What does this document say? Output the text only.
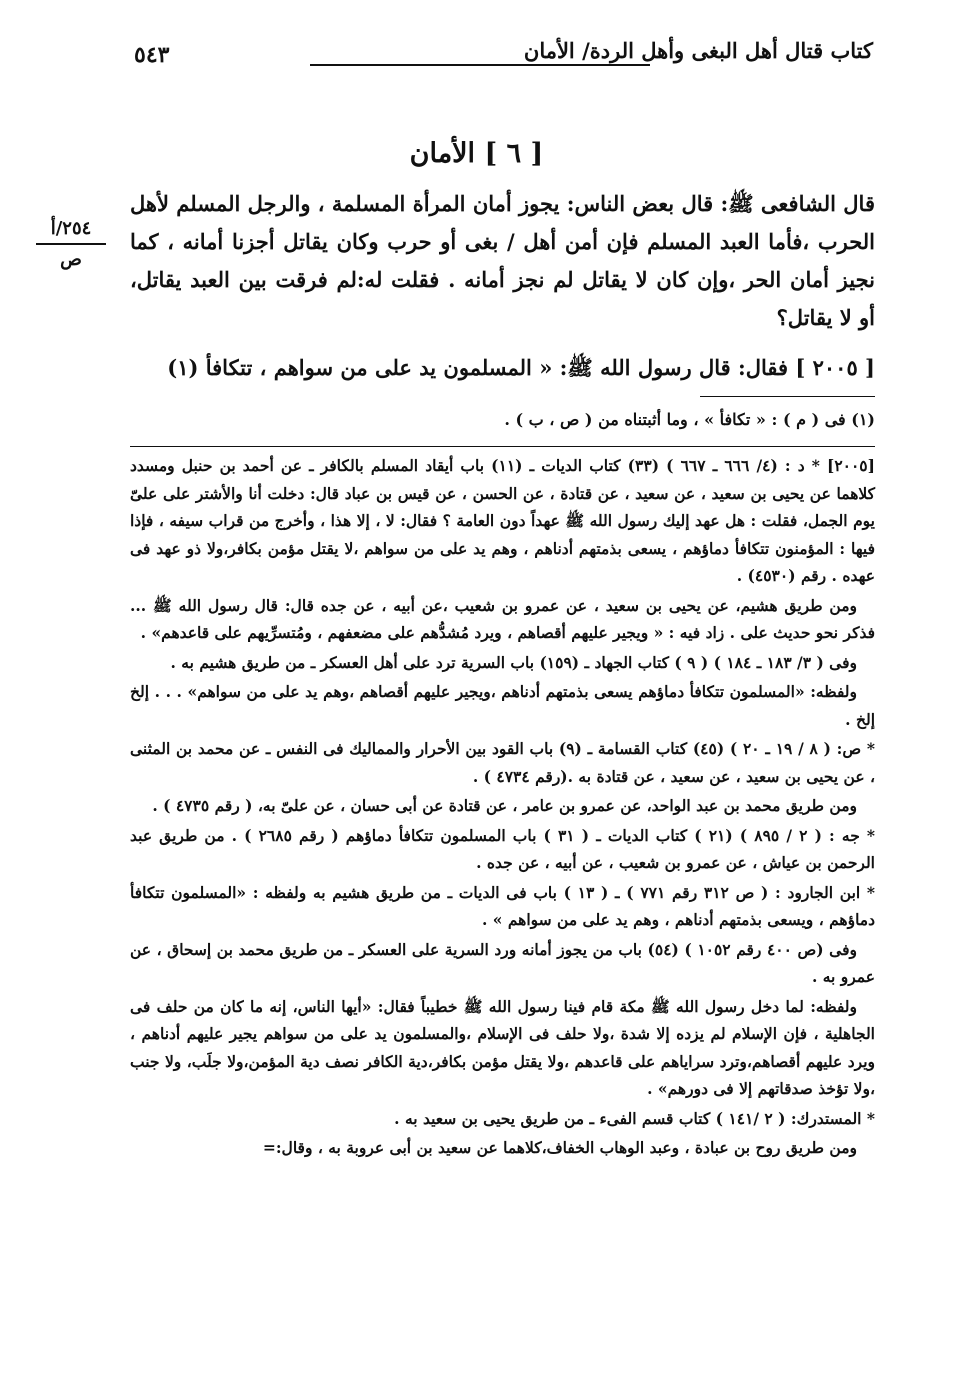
٥٤٣	كتاب قتال أهل البغى وأهل الردة/ الأمان
[ ٦ ] الأمان
٢٥٤/أ
ص

قال الشافعى ﷺ: قال بعض الناس: يجوز أمان المرأة المسلمة ، والرجل المسلم لأهل الحرب ،فأما العبد المسلم فإن أمن أهل / بغى أو حرب وكان يقاتل أجزنا أمانه ، كما نجيز أمان الحر ،وإن كان لا يقاتل لم نجز أمانه . فقلت له:لم فرقت بين العبد يقاتل، أو لا يقاتل؟

[ ٢٠٠٥ ] فقال: قال رسول الله ﷺ: « المسلمون يد على من سواهم ، تتكافأ (١)

(١) فى ( م ) : « تكافأ » ، وما أثبتناه من ( ص ، ب ) .

[٢٠٠٥] * د : (٤/ ٦٦٦ ـ ٦٦٧ ) (٣٣) كتاب الديات ـ (١١) باب أيقاد المسلم بالكافر ـ عن أحمد بن حنبل ومسدد كلاهما عن يحيى بن سعيد ، عن سعيد ، عن قتادة ، عن الحسن ، عن قيس بن عباد قال: دخلت أنا والأشتر على علىّ يوم الجمل، فقلت : هل عهد إليك رسول الله ﷺ عهداً دون العامة ؟ فقال: لا ، إلا هذا ، وأخرج من قراب سيفه ، فإذا فيها : المؤمنون تتكافأ دماؤهم ، يسعى بذمتهم أدناهم ، وهم يد على من سواهم ،لا يقتل مؤمن بكافر،ولا ذو عهد فى عهده . رقم (٤٥٣٠) .

ومن طريق هشيم، عن يحيى بن سعيد ، عن عمرو بن شعيب ،عن أبيه ، عن جده قال: قال رسول الله ﷺ ... فذكر نحو حديث على . زاد فيه : « ويجير عليهم أقصاهم ، ويرد مُشدُّهم على مضعفهم ، ومُتسرِّيهم على قاعدهم» .

وفى ( ٣/ ١٨٣ ـ ١٨٤ ) ( ٩ ) كتاب الجهاد ـ (١٥٩) باب السرية ترد على أهل العسكر ـ من طريق هشيم به .

ولفظه: «المسلمون تتكافأ دماؤهم يسعى بذمتهم أدناهم ،ويجير عليهم أقصاهم ،وهم يد على من سواهم» . . . إلخ إلخ .

* ص: ( ٨ / ١٩ ـ ٢٠ ) (٤٥) كتاب القسامة ـ (٩) باب القود بين الأحرار والمماليك فى النفس ـ عن محمد بن المثنى ، عن يحيى بن سعيد ، عن سعيد ، عن قتادة به .(رقم ٤٧٣٤ ) .

ومن طريق محمد بن عبد الواحد، عن عمرو بن عامر ، عن قتادة عن أبى حسان ، عن علىّ به، ( رقم ٤٧٣٥ ) .

* جه : ( ٢ / ٨٩٥ ) (٢١ ) كتاب الديات ـ ( ٣١ ) باب المسلمون تتكافأ دماؤهم ( رقم ٢٦٨٥ ) . من طريق عبد الرحمن بن عياش ، عن عمرو بن شعيب ، عن أبيه ، عن جده .

* ابن الجارود : ( ص ٣١٢ رقم ٧٧١ ) ـ ( ١٣ ) باب فى الديات ـ من طريق هشيم به ولفظه : «المسلمون تتكافأ دماؤهم ، ويسعى بذمتهم أدناهم ، وهم يد على من سواهم » .

وفى (ص ٤٠٠ رقم ١٠٥٢ ) (٥٤) باب من يجوز أمانه ورد السرية على العسكر ـ من طريق محمد بن إسحاق ، عن عمرو به .

ولفظه: لما دخل رسول الله ﷺ مكة قام فينا رسول الله ﷺ خطيباً فقال: «أيها الناس، إنه ما كان من حلف فى الجاهلية ، فإن الإسلام لم يزده إلا شدة ،ولا حلف فى الإسلام ،والمسلمون يد على من سواهم يجير عليهم أدناهم ، ويرد عليهم أقصاهم،وترد سراياهم على قاعدهم ،ولا يقتل مؤمن بكافر،دية الكافر نصف دية المؤمن،ولا جلَب، ولا جنب ،ولا تؤخذ صدقاتهم إلا فى دورهم» .

* المستدرك: ( ٢ /١٤١ ) كتاب قسم الفىء ـ من طريق يحيى بن سعيد به .

ومن طريق روح بن عبادة ، وعبد الوهاب الخفاف،كلاهما عن سعيد بن أبى عروبة به ، وقال:=
